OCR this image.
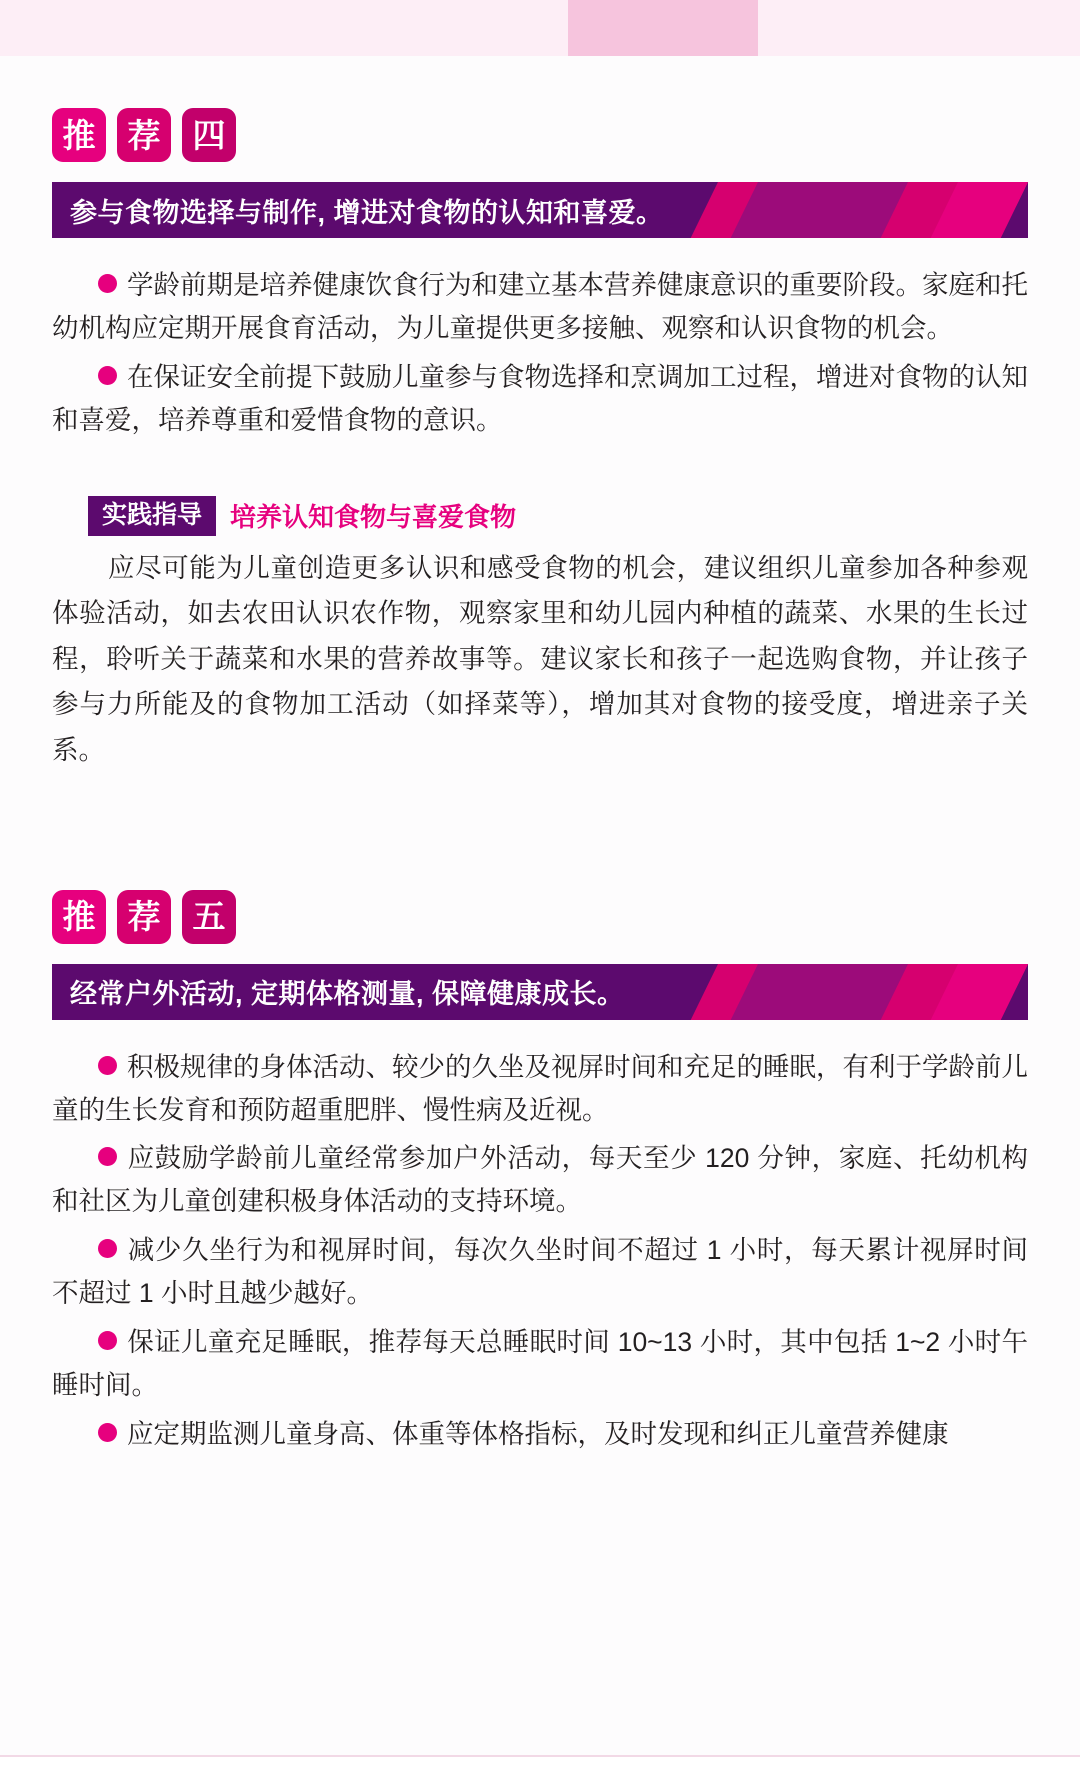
推 荐 四
参与食物选择与制作, 增进对食物的认知和喜爱。

学龄前期是培养健康饮食行为和建立基本营养健康意识的重要阶段。家庭和托幼机构应定期开展食育活动，为儿童提供更多接触、观察和认识食物的机会。

在保证安全前提下鼓励儿童参与食物选择和烹调加工过程，增进对食物的认知和喜爱，培养尊重和爱惜食物的意识。

实践指导	培养认知食物与喜爱食物

应尽可能为儿童创造更多认识和感受食物的机会，建议组织儿童参加各种参观体验活动，如去农田认识农作物，观察家里和幼儿园内种植的蔬菜、水果的生长过程，聆听关于蔬菜和水果的营养故事等。建议家长和孩子一起选购食物，并让孩子参与力所能及的食物加工活动（如择菜等），增加其对食物的接受度，增进亲子关系。

推 荐 五
经常户外活动, 定期体格测量, 保障健康成长。

积极规律的身体活动、较少的久坐及视屏时间和充足的睡眠，有利于学龄前儿童的生长发育和预防超重肥胖、慢性病及近视。

应鼓励学龄前儿童经常参加户外活动，每天至少 120 分钟，家庭、托幼机构和社区为儿童创建积极身体活动的支持环境。

减少久坐行为和视屏时间，每次久坐时间不超过 1 小时，每天累计视屏时间不超过 1 小时且越少越好。

保证儿童充足睡眠，推荐每天总睡眠时间 10~13 小时，其中包括 1~2 小时午睡时间。

应定期监测儿童身高、体重等体格指标，及时发现和纠正儿童营养健康
